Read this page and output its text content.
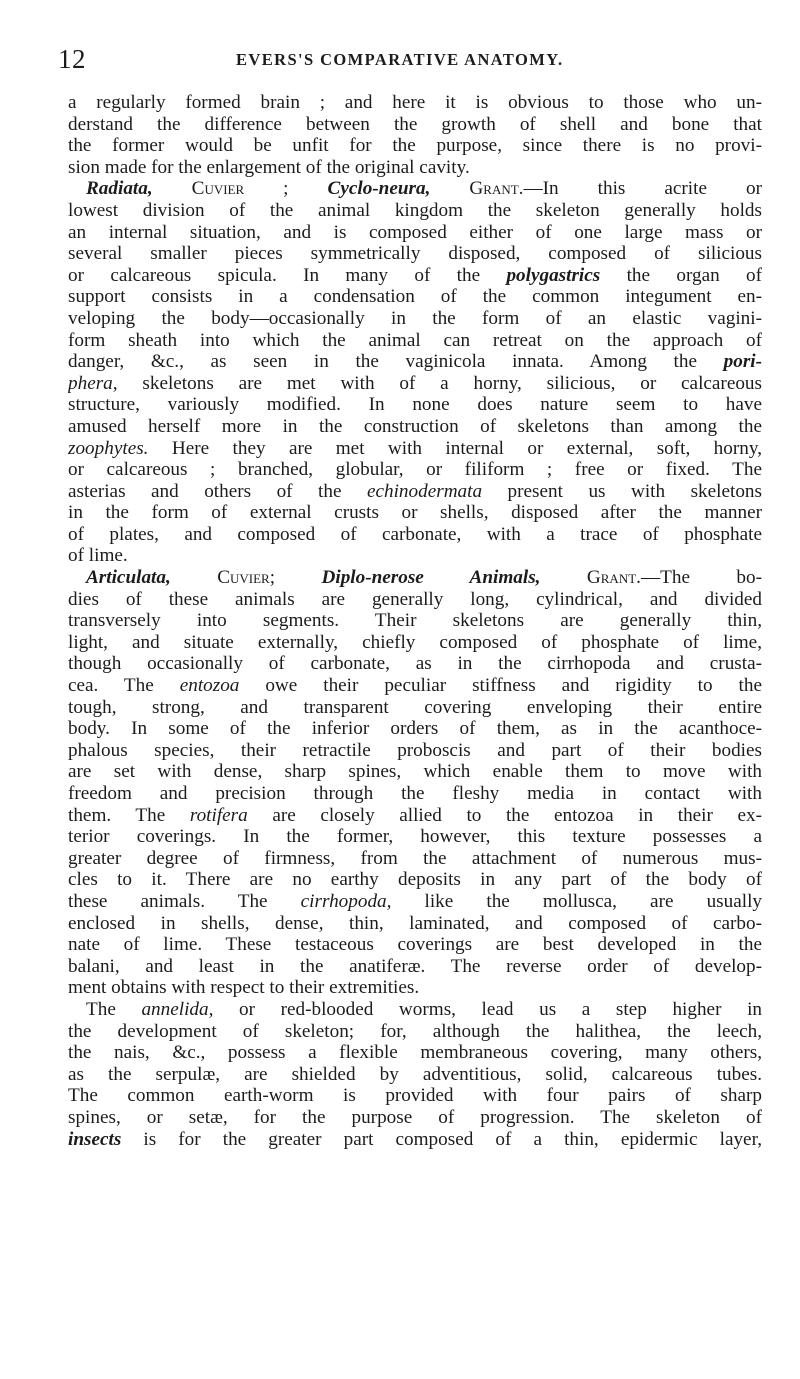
12	EVERS'S COMPARATIVE ANATOMY.
a regularly formed brain ; and here it is obvious to those who un-
derstand the difference between the growth of shell and bone that
the former would be unfit for the purpose, since there is no provi-
sion made for the enlargement of the original cavity.
Radiata, Cuvier ; Cyclo-neura, Grant.—In this acrite or
lowest division of the animal kingdom the skeleton generally holds
an internal situation, and is composed either of one large mass or
several smaller pieces symmetrically disposed, composed of silicious
or calcareous spicula. In many of the polygastrics the organ of
support consists in a condensation of the common integument en-
veloping the body—occasionally in the form of an elastic vagini-
form sheath into which the animal can retreat on the approach of
danger, &c., as seen in the vaginicola innata. Among the pori-
phera, skeletons are met with of a horny, silicious, or calcareous
structure, variously modified. In none does nature seem to have
amused herself more in the construction of skeletons than among the
zoophytes. Here they are met with internal or external, soft, horny,
or calcareous ; branched, globular, or filiform ; free or fixed. The
asterias and others of the echinodermata present us with skeletons
in the form of external crusts or shells, disposed after the manner
of plates, and composed of carbonate, with a trace of phosphate
of lime.
Articulata, Cuvier; Diplo-nerose Animals, Grant.—The bo-
dies of these animals are generally long, cylindrical, and divided
transversely into segments. Their skeletons are generally thin,
light, and situate externally, chiefly composed of phosphate of lime,
though occasionally of carbonate, as in the cirrhopoda and crusta-
cea. The entozoa owe their peculiar stiffness and rigidity to the
tough, strong, and transparent covering enveloping their entire
body. In some of the inferior orders of them, as in the acanthoce-
phalous species, their retractile proboscis and part of their bodies
are set with dense, sharp spines, which enable them to move with
freedom and precision through the fleshy media in contact with
them. The rotifera are closely allied to the entozoa in their ex-
terior coverings. In the former, however, this texture possesses a
greater degree of firmness, from the attachment of numerous mus-
cles to it. There are no earthy deposits in any part of the body of
these animals. The cirrhopoda, like the mollusca, are usually
enclosed in shells, dense, thin, laminated, and composed of carbo-
nate of lime. These testaceous coverings are best developed in the
balani, and least in the anatiferæ. The reverse order of develop-
ment obtains with respect to their extremities.
The annelida, or red-blooded worms, lead us a step higher in
the development of skeleton; for, although the halithea, the leech,
the nais, &c., possess a flexible membraneous covering, many others,
as the serpulæ, are shielded by adventitious, solid, calcareous tubes.
The common earth-worm is provided with four pairs of sharp
spines, or setæ, for the purpose of progression. The skeleton of
insects is for the greater part composed of a thin, epidermic layer,
